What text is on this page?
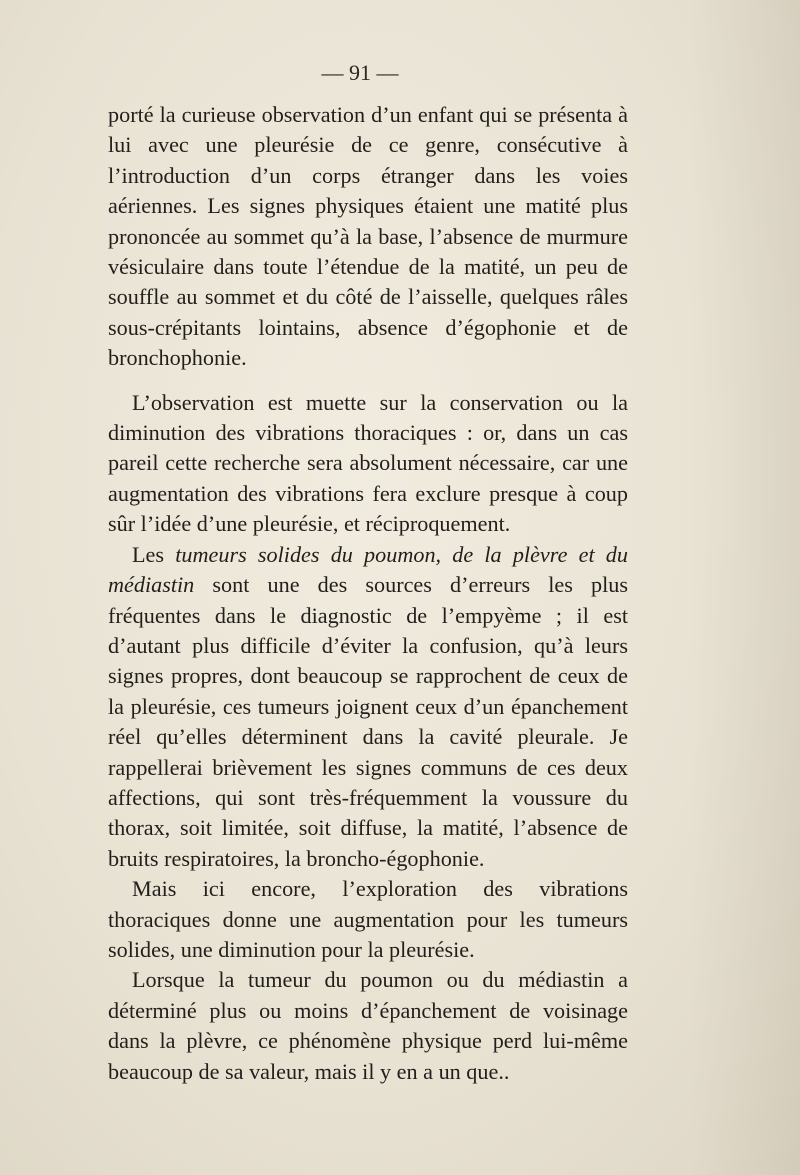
— 91 —

porté la curieuse observation d’un enfant qui se présenta à lui avec une pleurésie de ce genre, consécutive à l’introduction d’un corps étranger dans les voies aériennes. Les signes physiques étaient une matité plus prononcée au sommet qu’à la base, l’absence de murmure vésiculaire dans toute l’étendue de la matité, un peu de souffle au sommet et du côté de l’aisselle, quelques râles sous-crépitants lointains, absence d’égophonie et de bronchophonie.

L’observation est muette sur la conservation ou la diminution des vibrations thoraciques : or, dans un cas pareil cette recherche sera absolument nécessaire, car une augmentation des vibrations fera exclure presque à coup sûr l’idée d’une pleurésie, et réciproquement.

Les tumeurs solides du poumon, de la plèvre et du médiastin sont une des sources d’erreurs les plus fréquentes dans le diagnostic de l’empyème ; il est d’autant plus difficile d’éviter la confusion, qu’à leurs signes propres, dont beaucoup se rapprochent de ceux de la pleurésie, ces tumeurs joignent ceux d’un épanchement réel qu’elles déterminent dans la cavité pleurale. Je rappellerai brièvement les signes communs de ces deux affections, qui sont très-fréquemment la voussure du thorax, soit limitée, soit diffuse, la matité, l’absence de bruits respiratoires, la broncho-égophonie.

Mais ici encore, l’exploration des vibrations thoraciques donne une augmentation pour les tumeurs solides, une diminution pour la pleurésie.

Lorsque la tumeur du poumon ou du médiastin a déterminé plus ou moins d’épanchement de voisinage dans la plèvre, ce phénomène physique perd lui-même beaucoup de sa valeur, mais il y en a un que..
